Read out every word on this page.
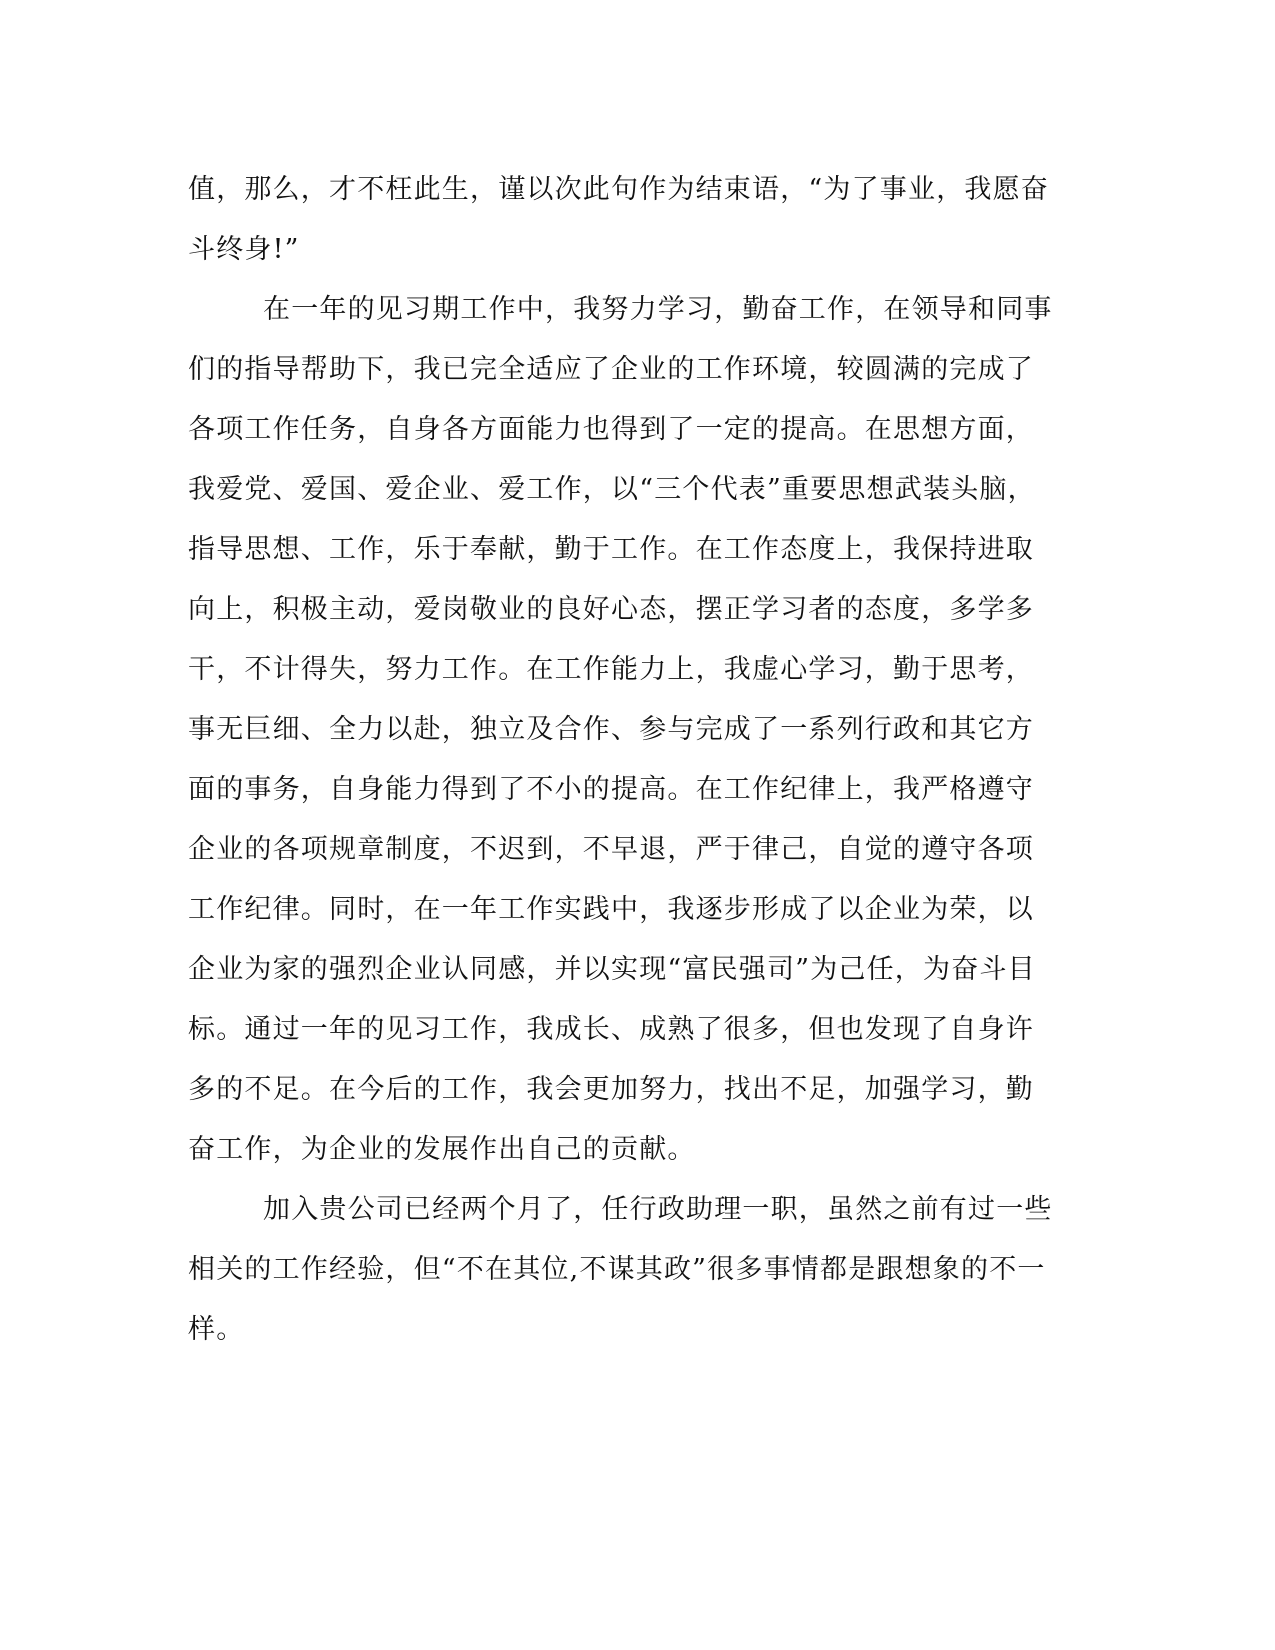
值，那么，才不枉此生，谨以次此句作为结束语，“为了事业，我愿奋
斗终身!”
在一年的见习期工作中，我努力学习，勤奋工作，在领导和同事
们的指导帮助下，我已完全适应了企业的工作环境，较圆满的完成了
各项工作任务，自身各方面能力也得到了一定的提高。在思想方面，
我爱党、爱国、爱企业、爱工作，以“三个代表”重要思想武装头脑，
指导思想、工作，乐于奉献，勤于工作。在工作态度上，我保持进取
向上，积极主动，爱岗敬业的良好心态，摆正学习者的态度，多学多
干，不计得失，努力工作。在工作能力上，我虚心学习，勤于思考，
事无巨细、全力以赴，独立及合作、参与完成了一系列行政和其它方
面的事务，自身能力得到了不小的提高。在工作纪律上，我严格遵守
企业的各项规章制度，不迟到，不早退，严于律己，自觉的遵守各项
工作纪律。同时，在一年工作实践中，我逐步形成了以企业为荣，以
企业为家的强烈企业认同感，并以实现“富民强司”为己任，为奋斗目
标。通过一年的见习工作，我成长、成熟了很多，但也发现了自身许
多的不足。在今后的工作，我会更加努力，找出不足，加强学习，勤
奋工作，为企业的发展作出自己的贡献。
加入贵公司已经两个月了，任行政助理一职，虽然之前有过一些
相关的工作经验，但“不在其位,不谋其政”很多事情都是跟想象的不一
样。
